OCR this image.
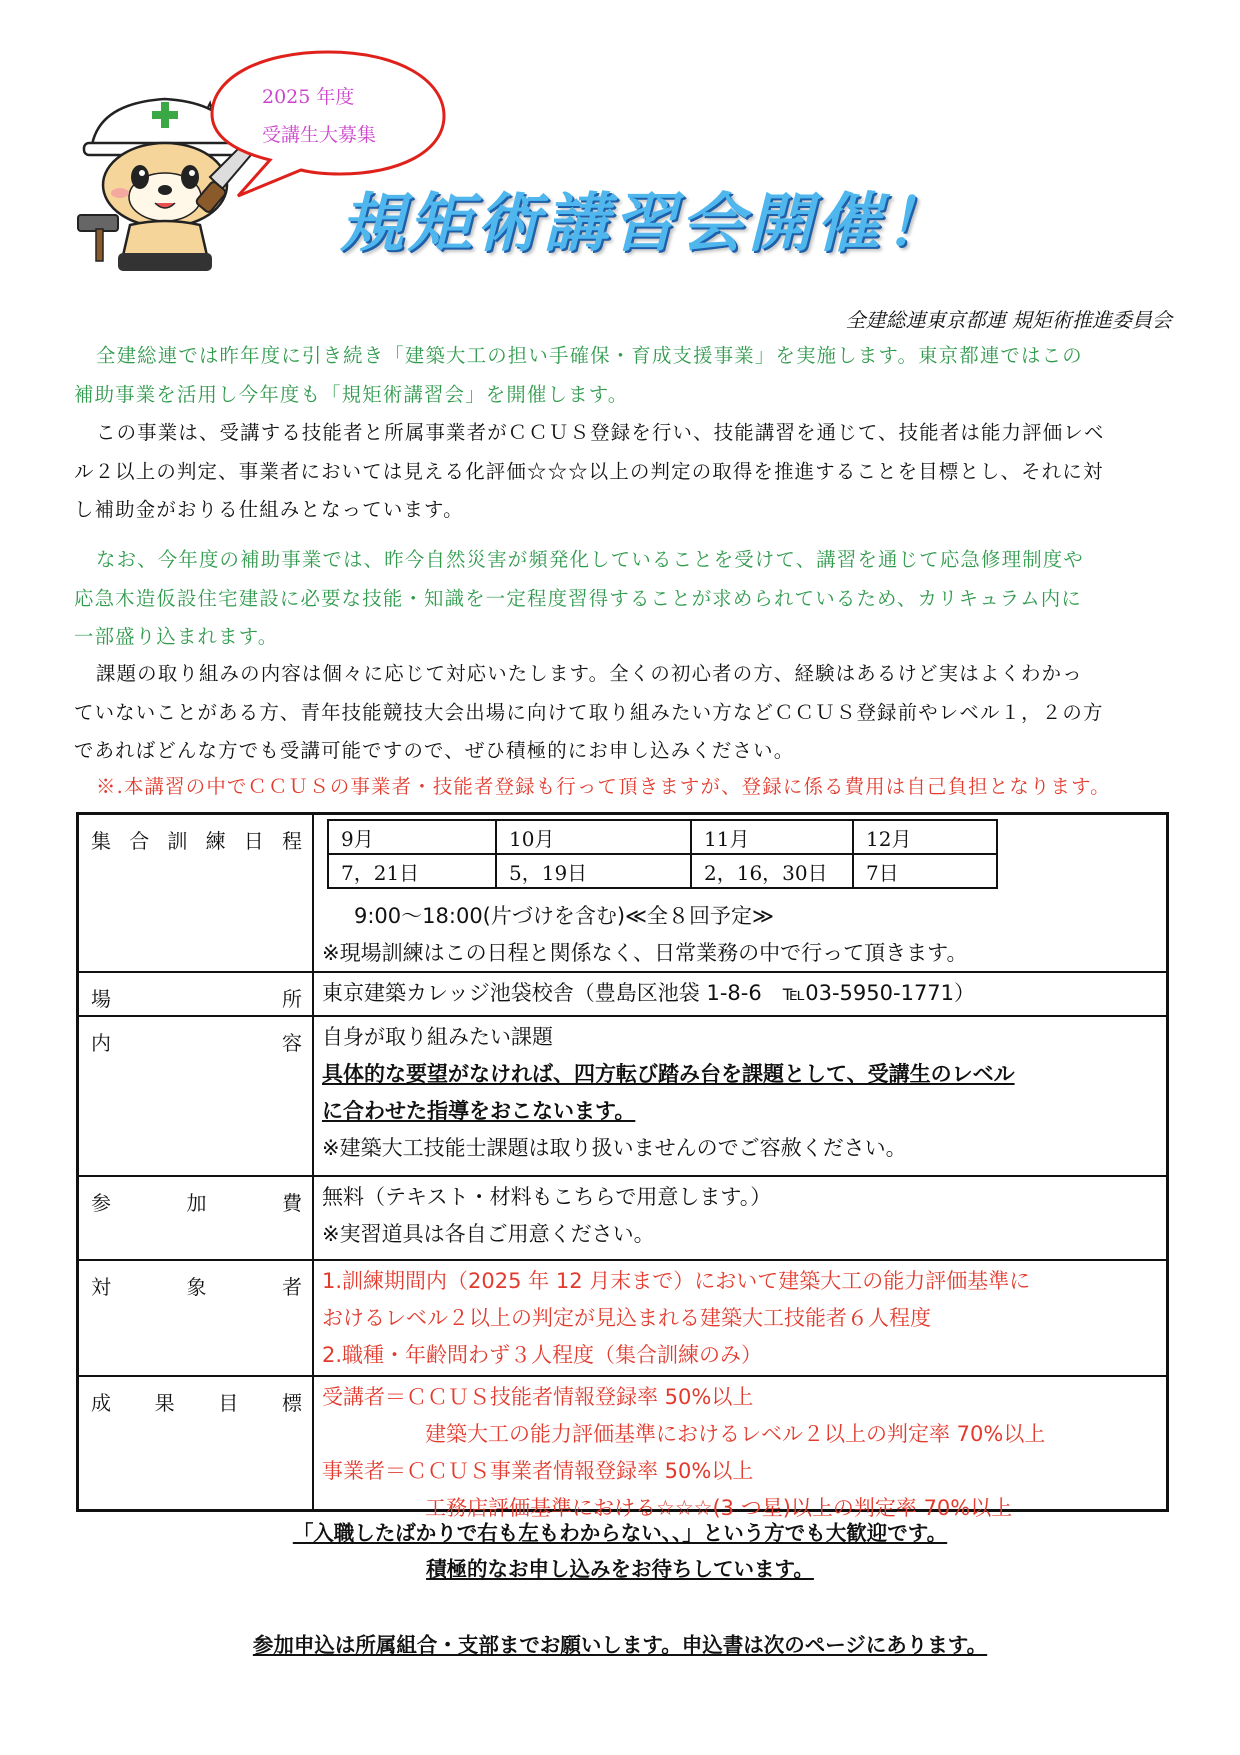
2025 年度
受講生大募集
規矩術講習会開催！
全建総連東京都連 規矩術推進委員会
全建総連では昨年度に引き続き「建築大工の担い手確保・育成支援事業」を実施します。東京都連ではこの
補助事業を活用し今年度も「規矩術講習会」を開催します。
この事業は、受講する技能者と所属事業者がＣＣＵＳ登録を行い、技能講習を通じて、技能者は能力評価レベ
ル２以上の判定、事業者においては見える化評価☆☆☆以上の判定の取得を推進することを目標とし、それに対
し補助金がおりる仕組みとなっています。
なお、今年度の補助事業では、昨今自然災害が頻発化していることを受けて、講習を通じて応急修理制度や
応急木造仮設住宅建設に必要な技能・知識を一定程度習得することが求められているため、カリキュラム内に
一部盛り込まれます。
課題の取り組みの内容は個々に応じて対応いたします。全くの初心者の方、経験はあるけど実はよくわかっ
ていないことがある方、青年技能競技大会出場に向けて取り組みたい方などＣＣＵＳ登録前やレベル１，２の方
であればどんな方でも受講可能ですので、ぜひ積極的にお申し込みください。
※.本講習の中でＣＣＵＳの事業者・技能者登録も行って頂きますが、登録に係る費用は自己負担となります。
集 合 訓 練 日 程 9月	10月	11月	12月
7，21日	5，19日	2，16，30日	7日
9:00～18:00(片づけを含む)≪全８回予定≫
※現場訓練はこの日程と関係なく、日常業務の中で行って頂きます。
場	所 東京建築カレッジ池袋校舎（豊島区池袋 1-8-6　℡03-5950-1771）
内	容 自身が取り組みたい課題
具体的な要望がなければ、四方転び踏み台を課題として、受講生のレベル
に合わせた指導をおこないます。
※建築大工技能士課題は取り扱いませんのでご容赦ください。
参	加	費 無料（テキスト・材料もこちらで用意します。）
※実習道具は各自ご用意ください。
対	象	者 1.訓練期間内（2025 年 12 月末まで）において建築大工の能力評価基準に
おけるレベル２以上の判定が見込まれる建築大工技能者６人程度
2.職種・年齢問わず３人程度（集合訓練のみ）
成 果 目 標 受講者＝ＣＣＵＳ技能者情報登録率 50%以上
建築大工の能力評価基準におけるレベル２以上の判定率 70%以上
事業者＝ＣＣＵＳ事業者情報登録率 50%以上
工務店評価基準における☆☆☆(3 つ星)以上の判定率 70%以上
「入職したばかりで右も左もわからない、、」という方でも大歓迎です。
積極的なお申し込みをお待ちしています。
参加申込は所属組合・支部までお願いします。申込書は次のページにあります。
